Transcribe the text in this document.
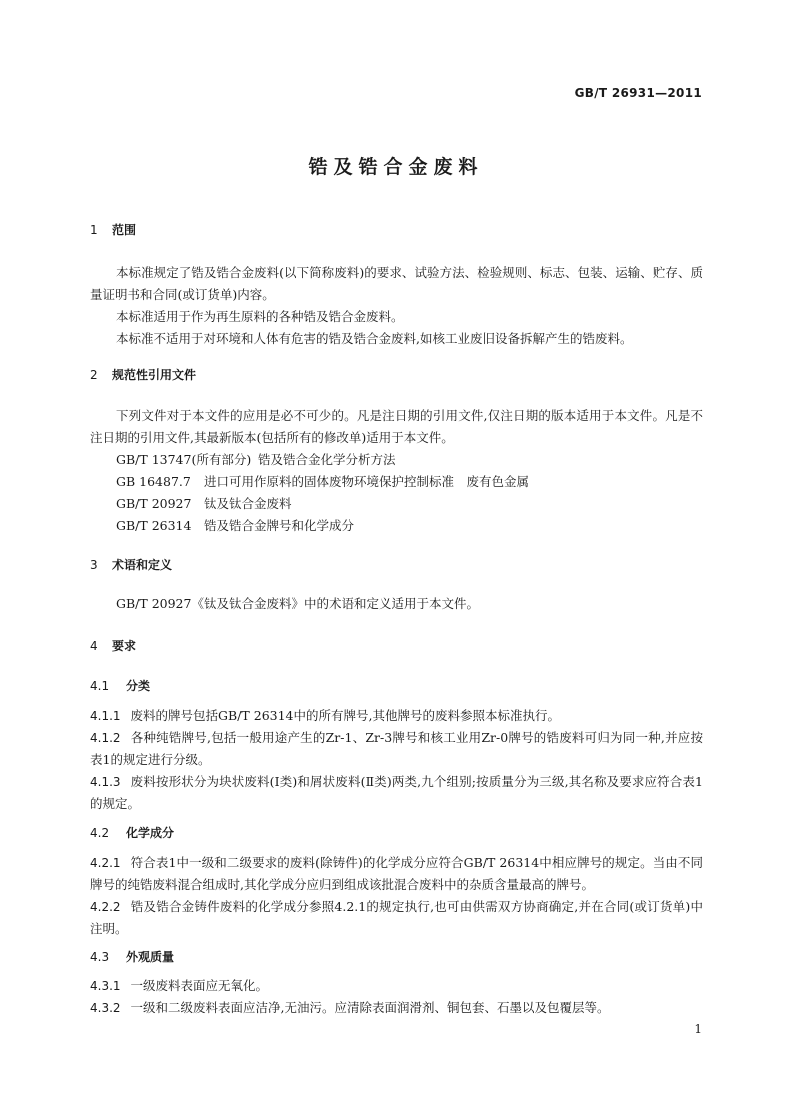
GB/T 26931—2011
锆及锆合金废料
1 范围
本标准规定了锆及锆合金废料(以下简称废料)的要求、试验方法、检验规则、标志、包装、运输、贮存、质量证明书和合同(或订货单)内容。
本标准适用于作为再生原料的各种锆及锆合金废料。
本标准不适用于对环境和人体有危害的锆及锆合金废料,如核工业废旧设备拆解产生的锆废料。
2 规范性引用文件
下列文件对于本文件的应用是必不可少的。凡是注日期的引用文件,仅注日期的版本适用于本文件。凡是不注日期的引用文件,其最新版本(包括所有的修改单)适用于本文件。
GB/T 13747(所有部分) 锆及锆合金化学分析方法
GB 16487.7 进口可用作原料的固体废物环境保护控制标准　废有色金属
GB/T 20927 钛及钛合金废料
GB/T 26314 锆及锆合金牌号和化学成分
3 术语和定义
GB/T 20927《钛及钛合金废料》中的术语和定义适用于本文件。
4 要求
4.1 分类
4.1.1 废料的牌号包括GB/T 26314中的所有牌号,其他牌号的废料参照本标准执行。
4.1.2 各种纯锆牌号,包括一般用途产生的Zr-1、Zr-3牌号和核工业用Zr-0牌号的锆废料可归为同一种,并应按表1的规定进行分级。
4.1.3 废料按形状分为块状废料(Ⅰ类)和屑状废料(Ⅱ类)两类,九个组别;按质量分为三级,其名称及要求应符合表1的规定。
4.2 化学成分
4.2.1 符合表1中一级和二级要求的废料(除铸件)的化学成分应符合GB/T 26314中相应牌号的规定。当由不同牌号的纯锆废料混合组成时,其化学成分应归到组成该批混合废料中的杂质含量最高的牌号。
4.2.2 锆及锆合金铸件废料的化学成分参照4.2.1的规定执行,也可由供需双方协商确定,并在合同(或订货单)中注明。
4.3 外观质量
4.3.1 一级废料表面应无氧化。
4.3.2 一级和二级废料表面应洁净,无油污。应清除表面润滑剂、铜包套、石墨以及包覆层等。
1
